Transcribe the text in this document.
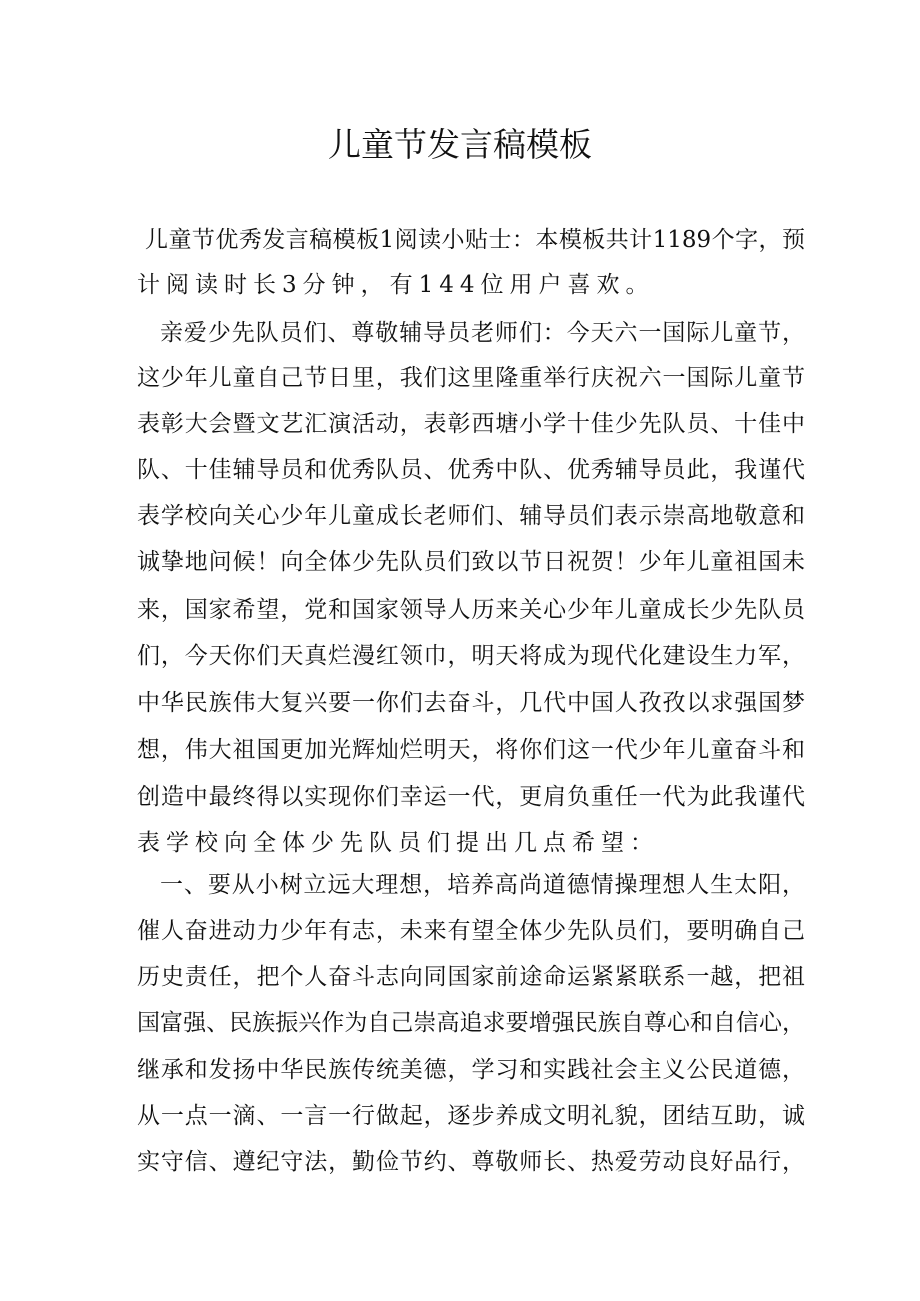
儿童节发言稿模板
儿童节优秀发言稿模板1阅读小贴士：本模板共计1189个字，预
计阅读时长3分钟，有144位用户喜欢。
亲爱少先队员们、尊敬辅导员老师们：今天六一国际儿童节，
这少年儿童自己节日里，我们这里隆重举行庆祝六一国际儿童节
表彰大会暨文艺汇演活动，表彰西塘小学十佳少先队员、十佳中
队、十佳辅导员和优秀队员、优秀中队、优秀辅导员此，我谨代
表学校向关心少年儿童成长老师们、辅导员们表示崇高地敬意和
诚挚地问候！向全体少先队员们致以节日祝贺！少年儿童祖国未
来，国家希望，党和国家领导人历来关心少年儿童成长少先队员
们，今天你们天真烂漫红领巾，明天将成为现代化建设生力军，
中华民族伟大复兴要一你们去奋斗，几代中国人孜孜以求强国梦
想，伟大祖国更加光辉灿烂明天，将你们这一代少年儿童奋斗和
创造中最终得以实现你们幸运一代，更肩负重任一代为此我谨代
表学校向全体少先队员们提出几点希望：
一、要从小树立远大理想，培养高尚道德情操理想人生太阳，
催人奋进动力少年有志，未来有望全体少先队员们，要明确自己
历史责任，把个人奋斗志向同国家前途命运紧紧联系一越，把祖
国富强、民族振兴作为自己崇高追求要增强民族自尊心和自信心，
继承和发扬中华民族传统美德，学习和实践社会主义公民道德，
从一点一滴、一言一行做起，逐步养成文明礼貌，团结互助，诚
实守信、遵纪守法，勤俭节约、尊敬师长、热爱劳动良好品行，
